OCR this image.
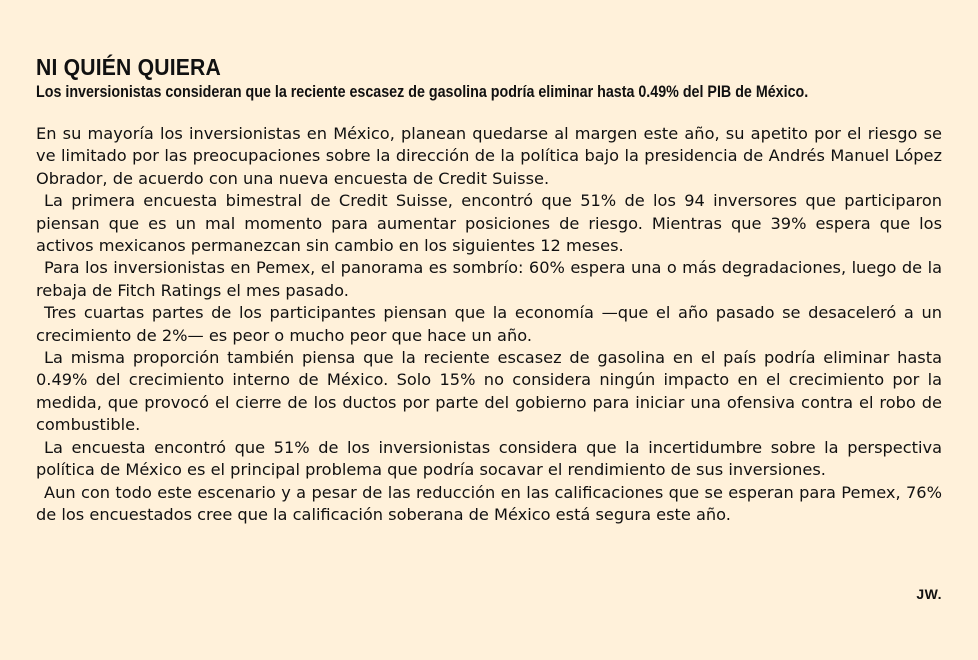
NI QUIÉN QUIERA
Los inversionistas consideran que la reciente escasez de gasolina podría eliminar hasta 0.49% del PIB de México.

En su mayoría los inversionistas en México, planean quedarse al margen este año, su apetito por el riesgo se ve limitado por las preocupaciones sobre la dirección de la política bajo la presidencia de Andrés Manuel López Obrador, de acuerdo con una nueva encuesta de Credit Suisse.

La primera encuesta bimestral de Credit Suisse, encontró que 51% de los 94 inversores que participaron piensan que es un mal momento para aumentar posiciones de riesgo. Mientras que 39% espera que los activos mexicanos permanezcan sin cambio en los siguientes 12 meses.

Para los inversionistas en Pemex, el panorama es sombrío: 60% espera una o más degradaciones, luego de la rebaja de Fitch Ratings el mes pasado.

Tres cuartas partes de los participantes piensan que la economía —que el año pasado se desaceleró a un crecimiento de 2%— es peor o mucho peor que hace un año.

La misma proporción también piensa que la reciente escasez de gasolina en el país podría eliminar hasta 0.49% del crecimiento interno de México. Solo 15% no considera ningún impacto en el crecimiento por la medida, que provocó el cierre de los ductos por parte del gobierno para iniciar una ofensiva contra el robo de combustible.

La encuesta encontró que 51% de los inversionistas considera que la incertidumbre sobre la perspectiva política de México es el principal problema que podría socavar el rendimiento de sus inversiones.

Aun con todo este escenario y a pesar de las reducción en las calificaciones que se esperan para Pemex, 76% de los encuestados cree que la calificación soberana de México está segura este año.

JW.
